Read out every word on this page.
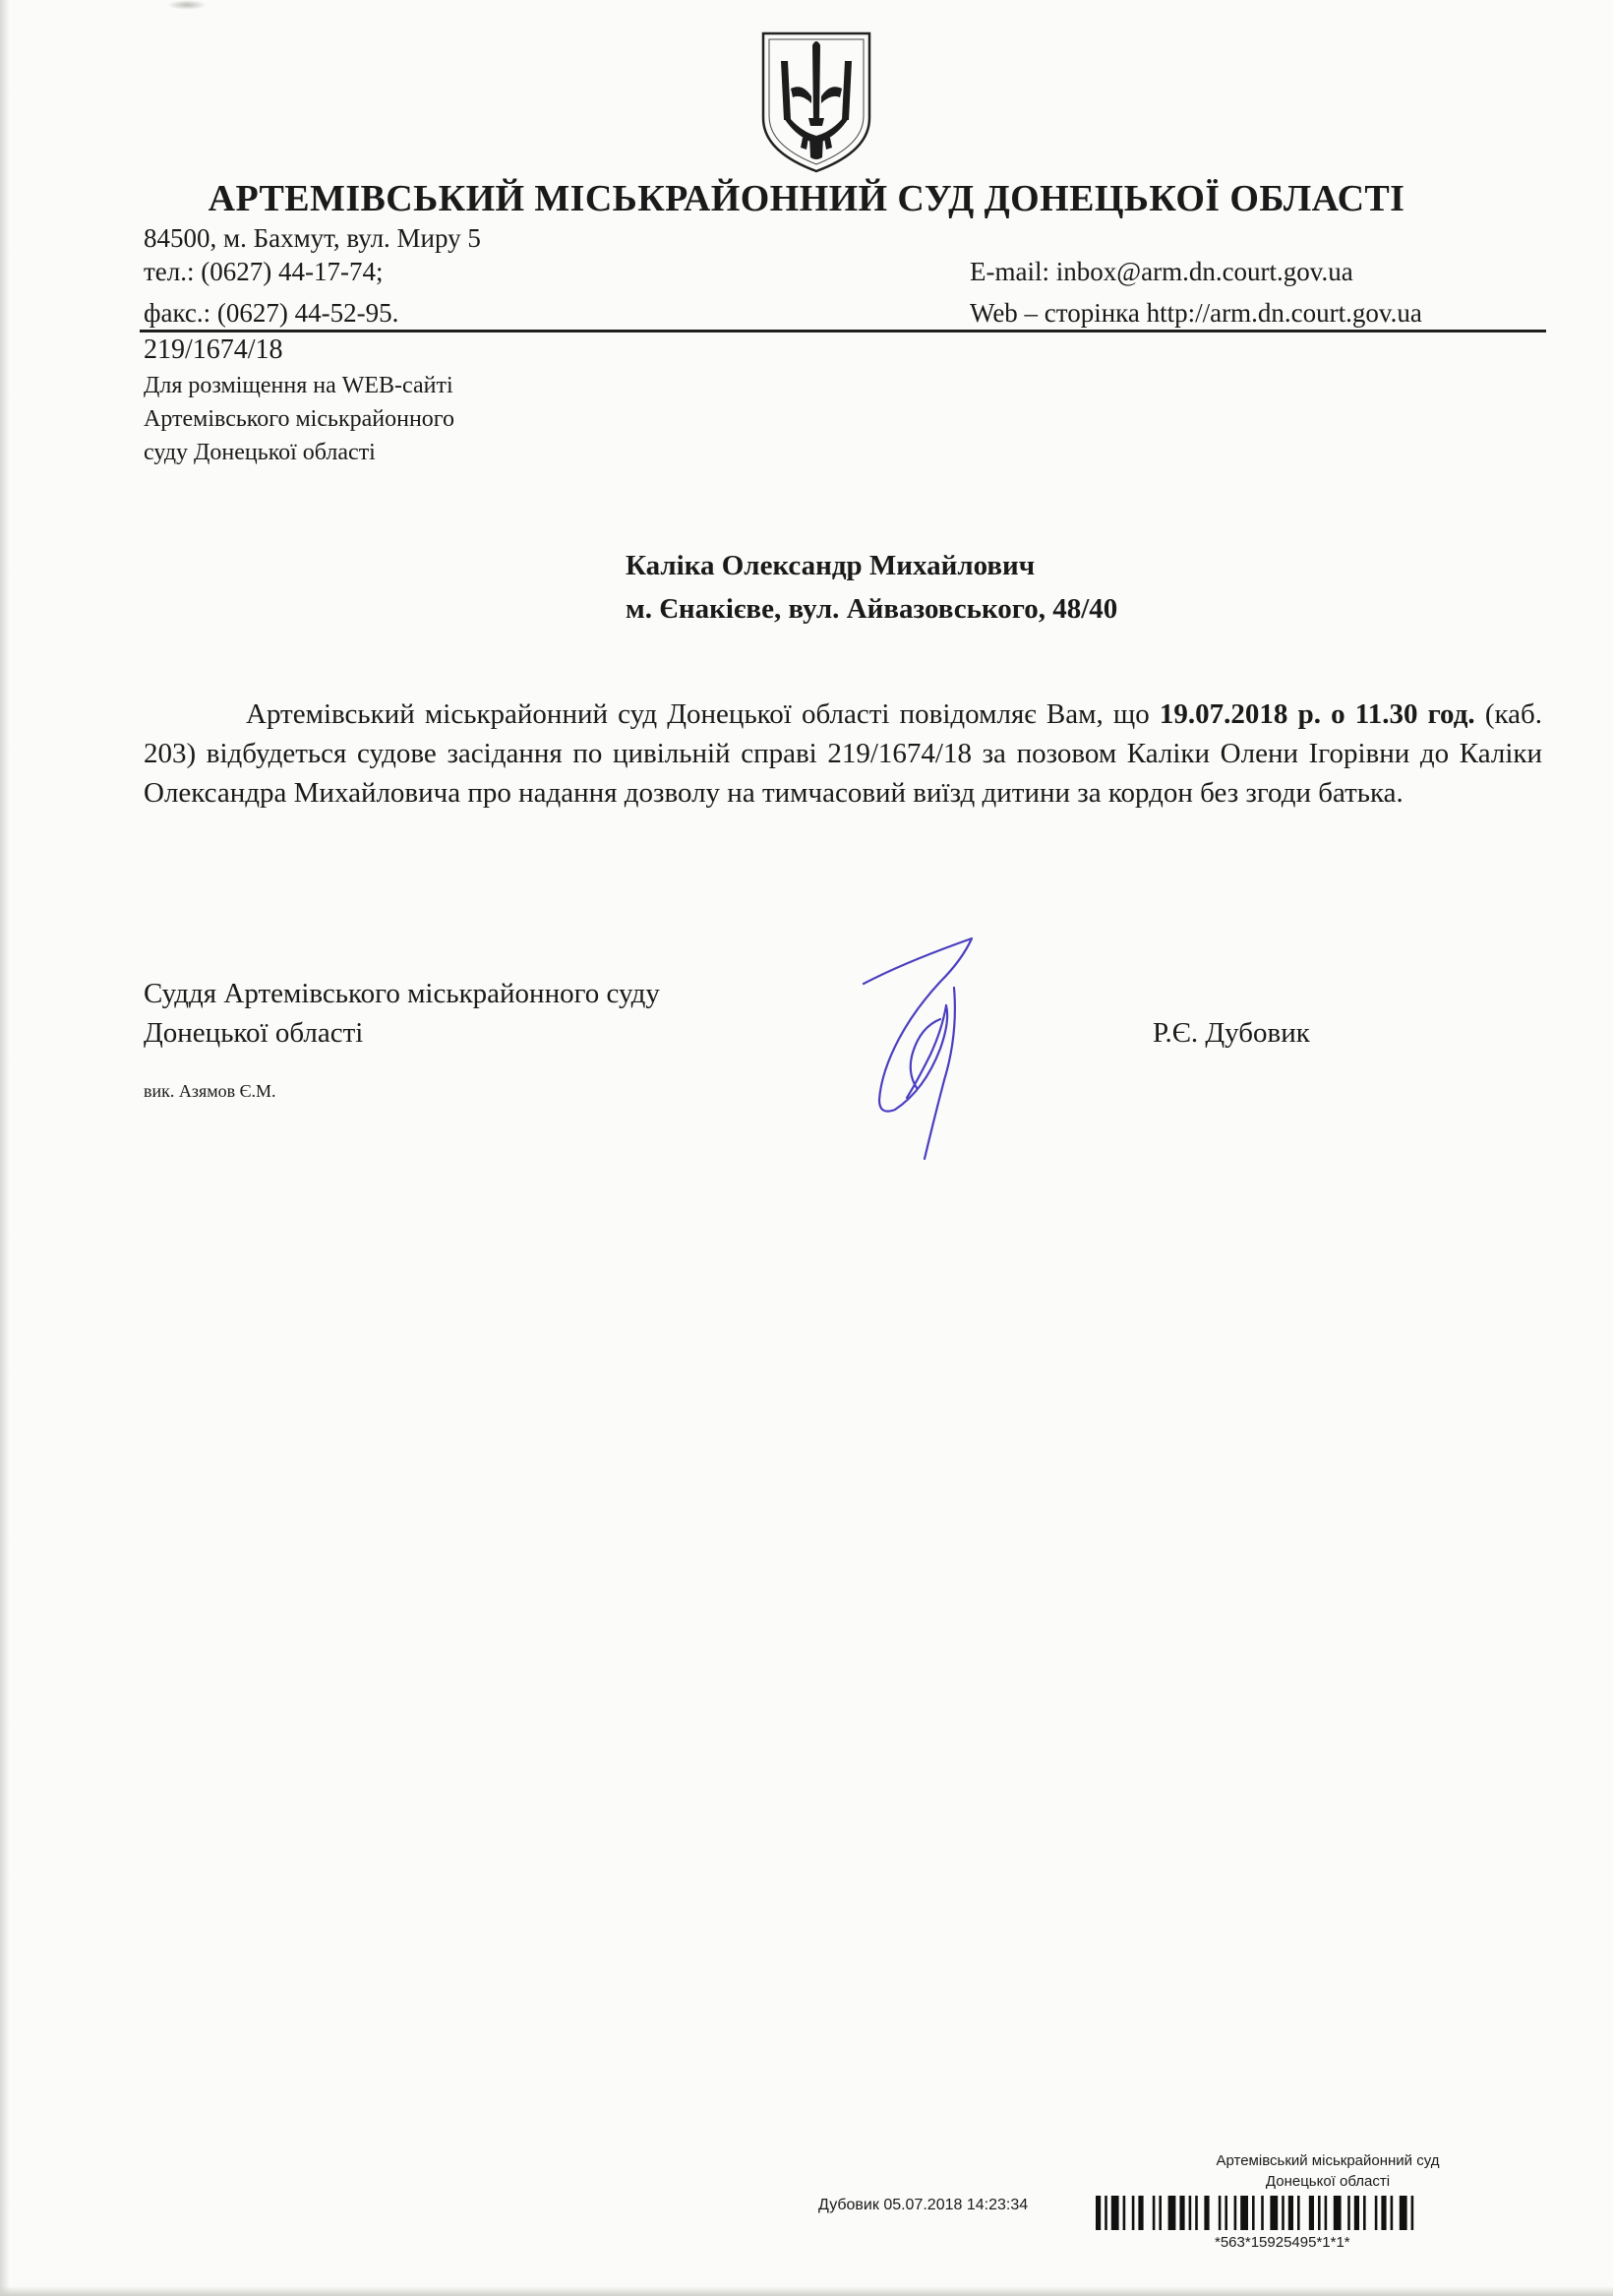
АРТЕМІВСЬКИЙ МІСЬКРАЙОННИЙ СУД ДОНЕЦЬКОЇ ОБЛАСТІ
84500, м. Бахмут, вул. Миру 5
тел.: (0627) 44-17-74;
факс.: (0627) 44-52-95.
E-mail: inbox@arm.dn.court.gov.ua
Web – сторінка http://arm.dn.court.gov.ua
219/1674/18
Для розміщення на WEB-сайті
Артемівського міськрайонного
суду Донецької області
Каліка Олександр Михайлович
м. Єнакієве, вул. Айвазовського, 48/40
Артемівський міськрайонний суд Донецької області повідомляє Вам, що 19.07.2018 р. о 11.30 год. (каб. 203) відбудеться судове засідання по цивільній справі 219/1674/18 за позовом Каліки Олени Ігорівни до Каліки Олександра Михайловича про надання дозволу на тимчасовий виїзд дитини за кордон без згоди батька.
Суддя Артемівського міськрайонного суду
Донецької області	Р.Є. Дубовик
вик. Азямов Є.М.
Артемівський міськрайонний суд
Донецької області
Дубовик 05.07.2018 14:23:34
*563*15925495*1*1*
